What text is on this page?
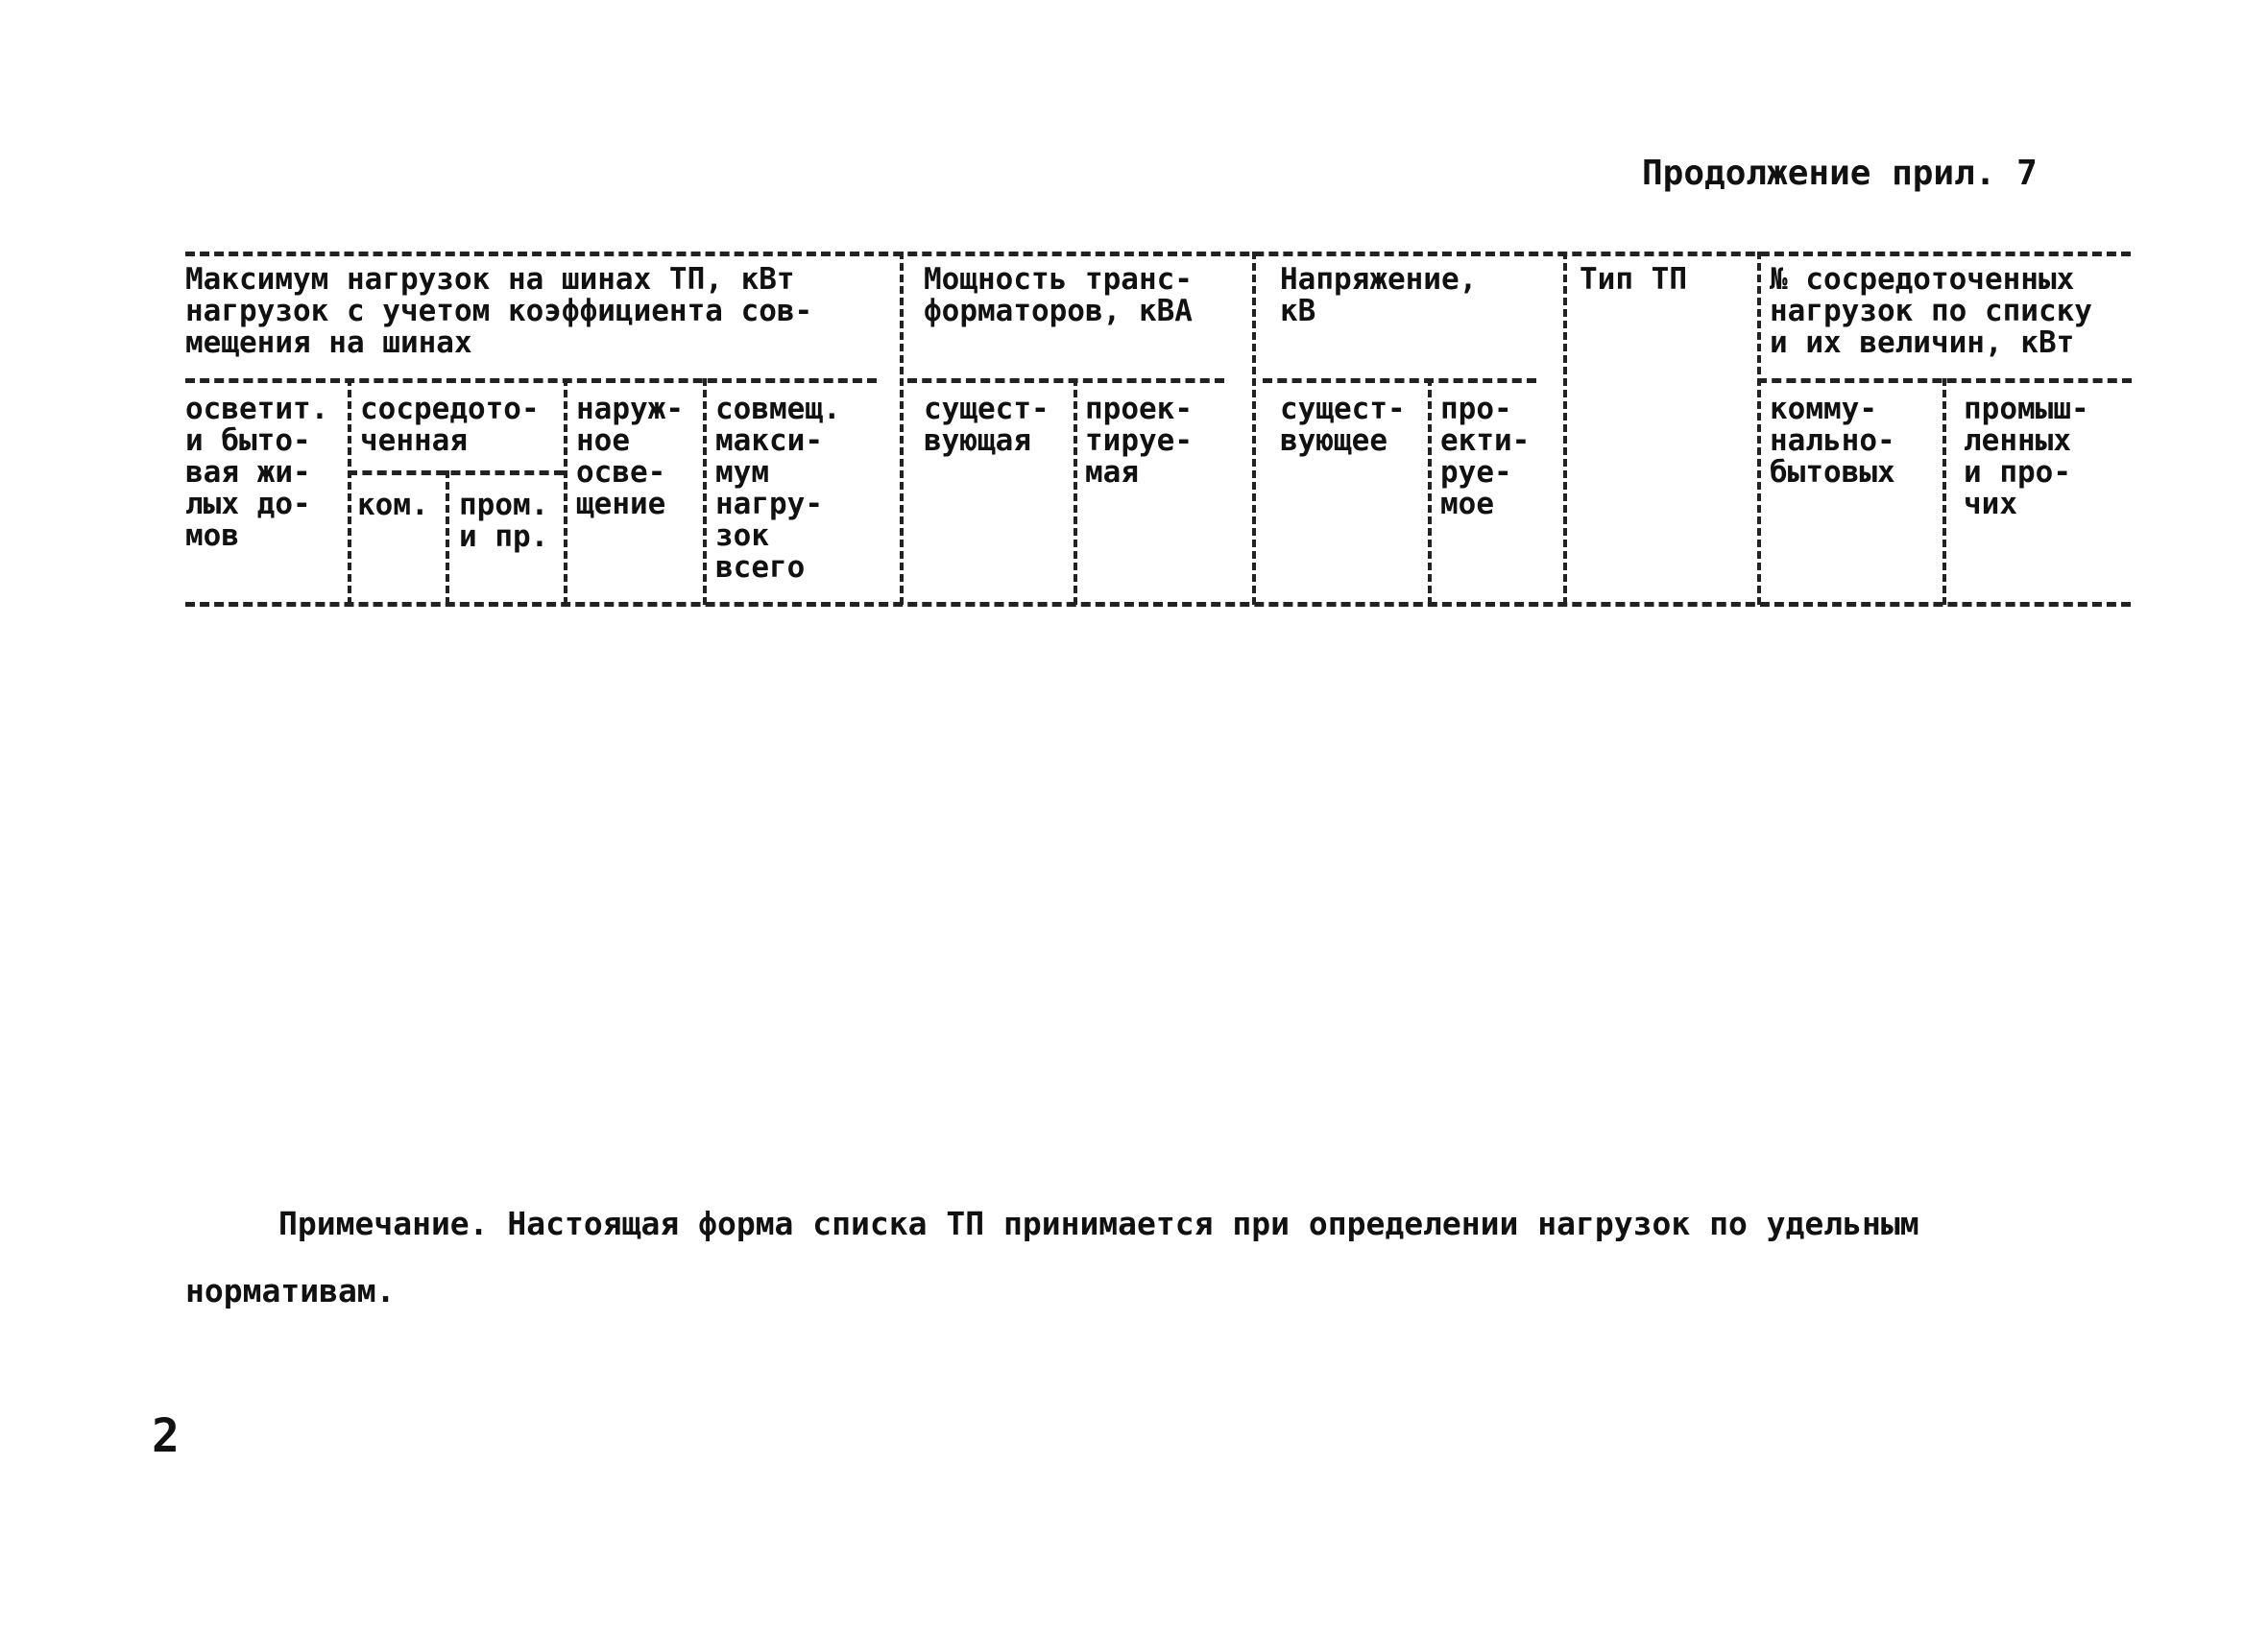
Продолжение прил. 7
Максимум нагрузок на шинах ТП, кВт
нагрузок с учетом коэффициента сов-
мещения на шинах
Мощность транс-
форматоров, кВА
Напряжение,
кВ
Тип ТП	№ сосредоточенных
нагрузок по списку
и их величин, кВт
осветит.
и быто-
вая жи-
лых до-
мов
сосредото-
ченная
ком. пром.
и пр.
наруж-
ное
осве-
щение
совмещ.
макси-
мум
нагру-
зок
всего
сущест-
вующая
проек-
тируе-
мая
сущест-
вующее
про-
екти-
руе-
мое
комму-
нально-
бытовых
промыш-
ленных
и про-
чих
Примечание. Настоящая форма списка ТП принимается при определении нагрузок по удельным
нормативам.
2
